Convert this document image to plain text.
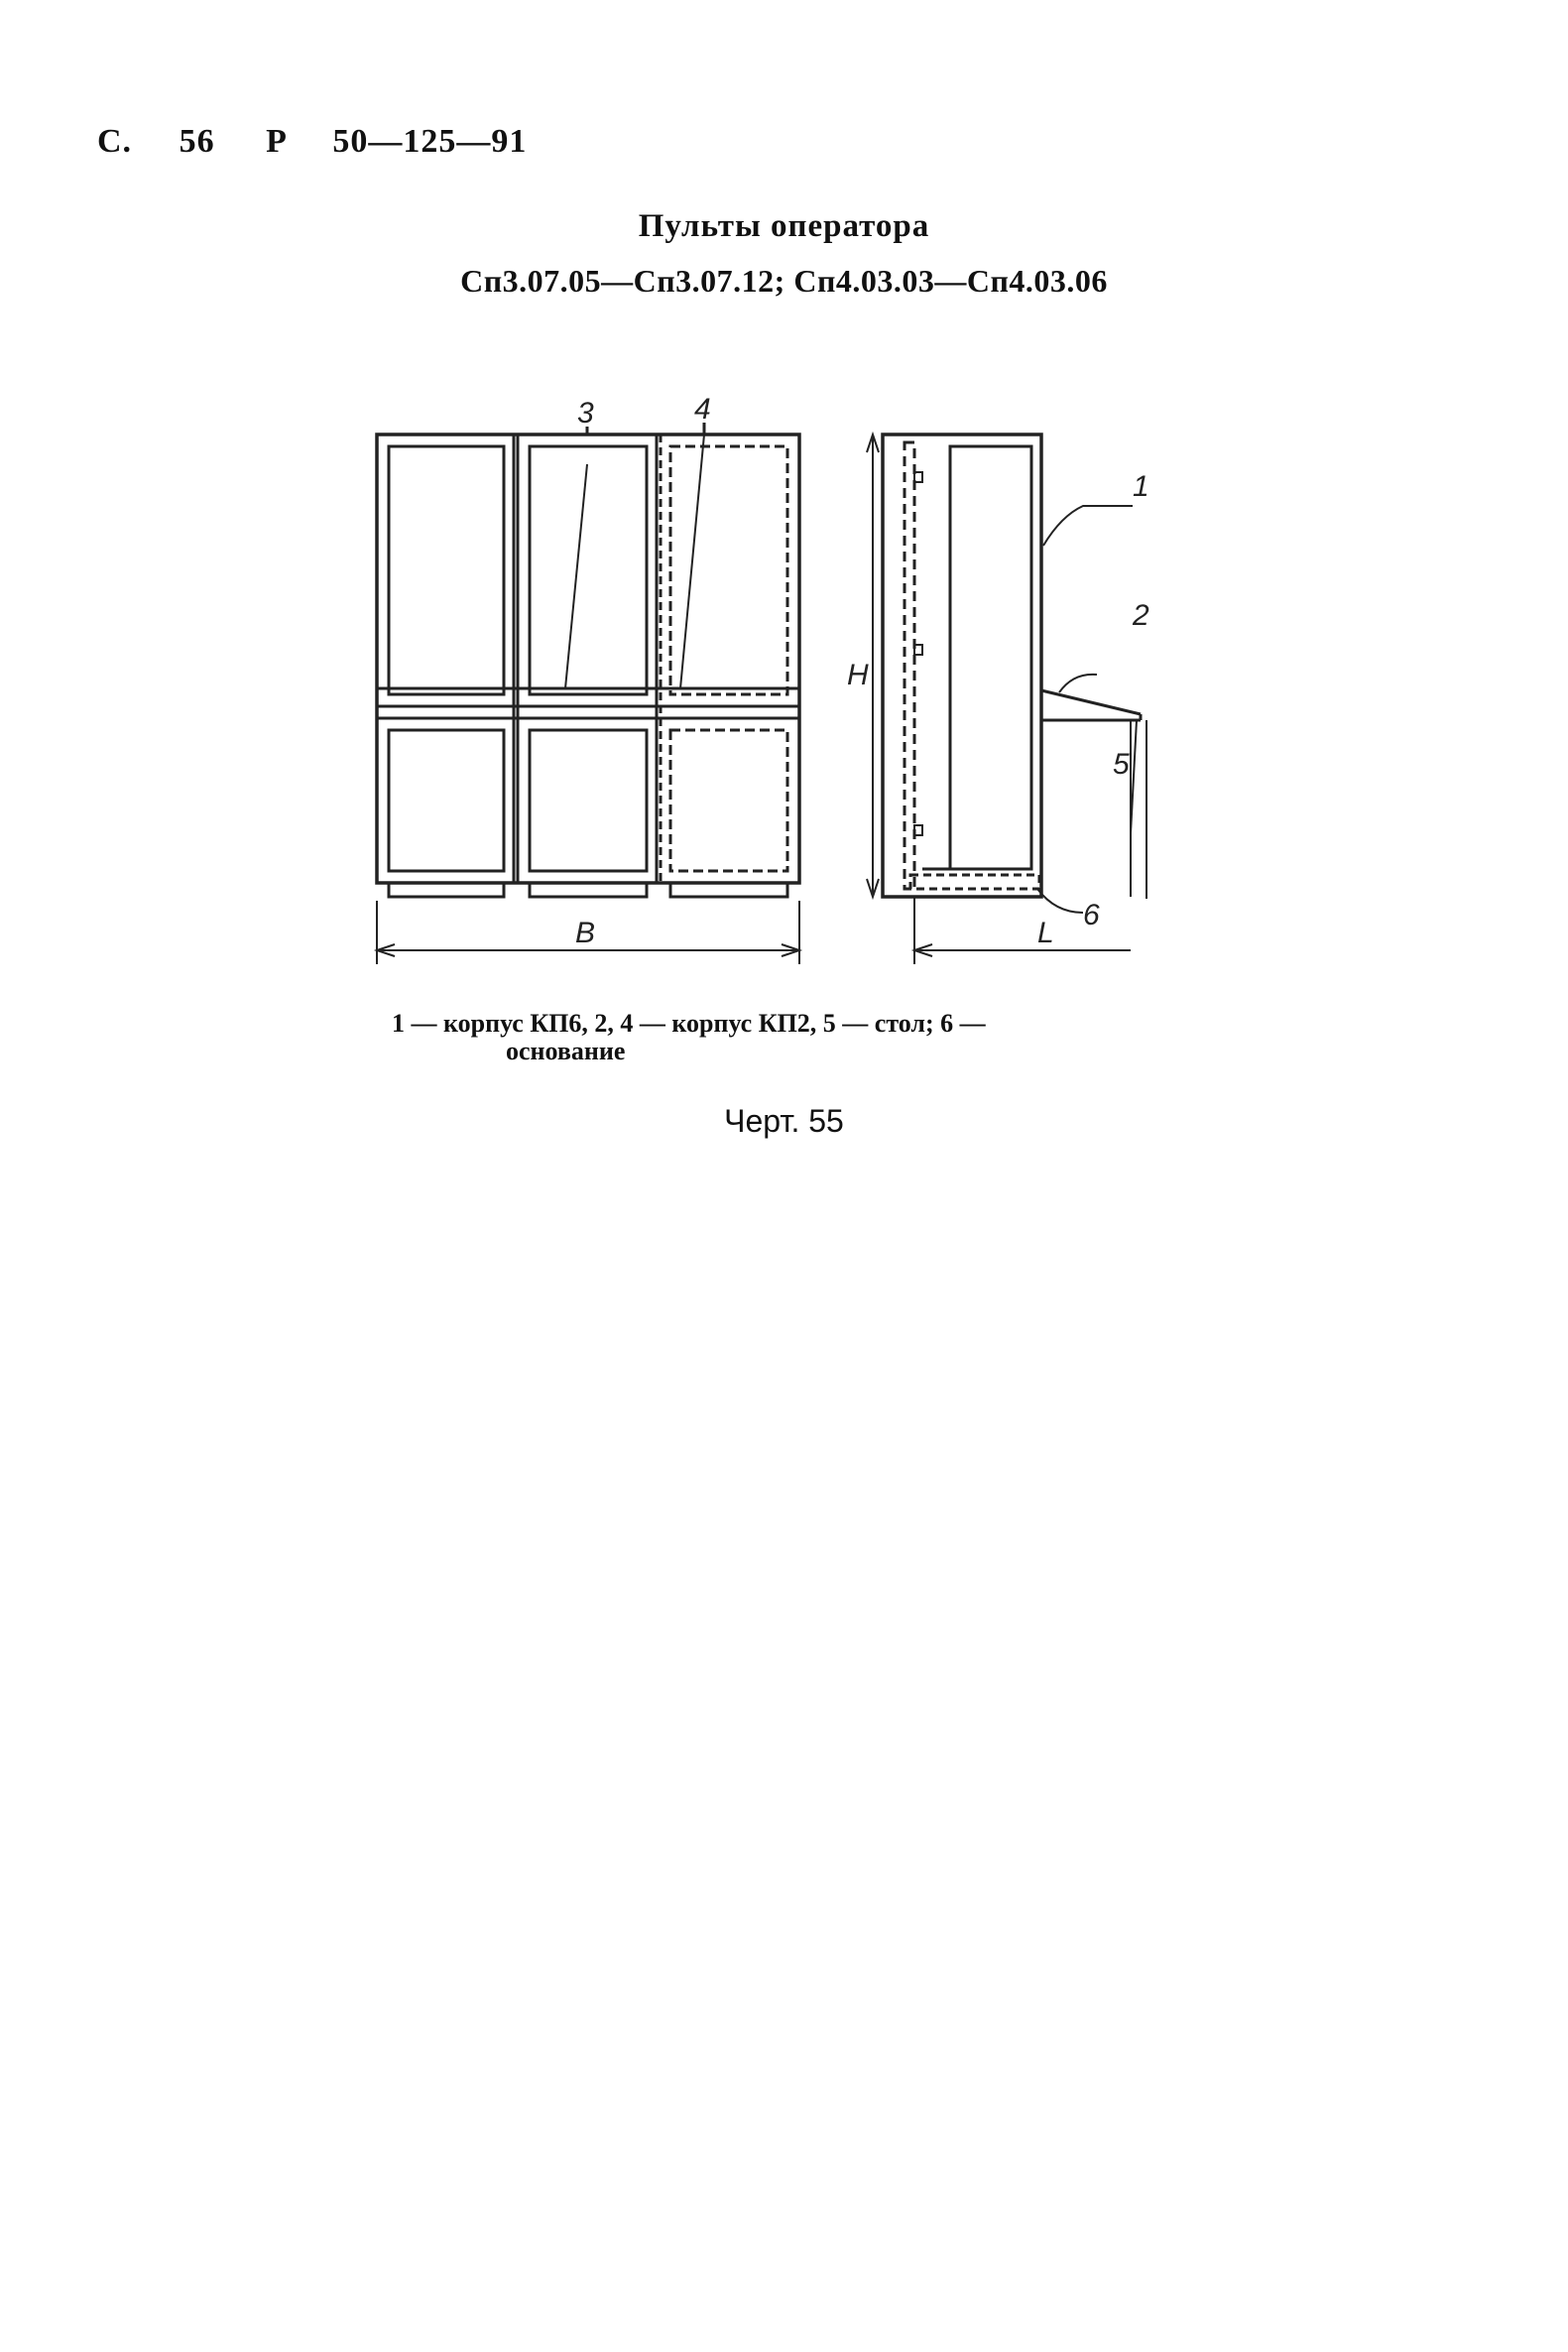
С. 56 Р 50—125—91
Пульты оператора
Сп3.07.05—Сп3.07.12; Сп4.03.03—Сп4.03.06
3	4
1
2
5
6
B
H
L
1 — корпус КП6, 2, 4 — корпус КП2, 5 — стол; 6 —
основание
Черт. 55
